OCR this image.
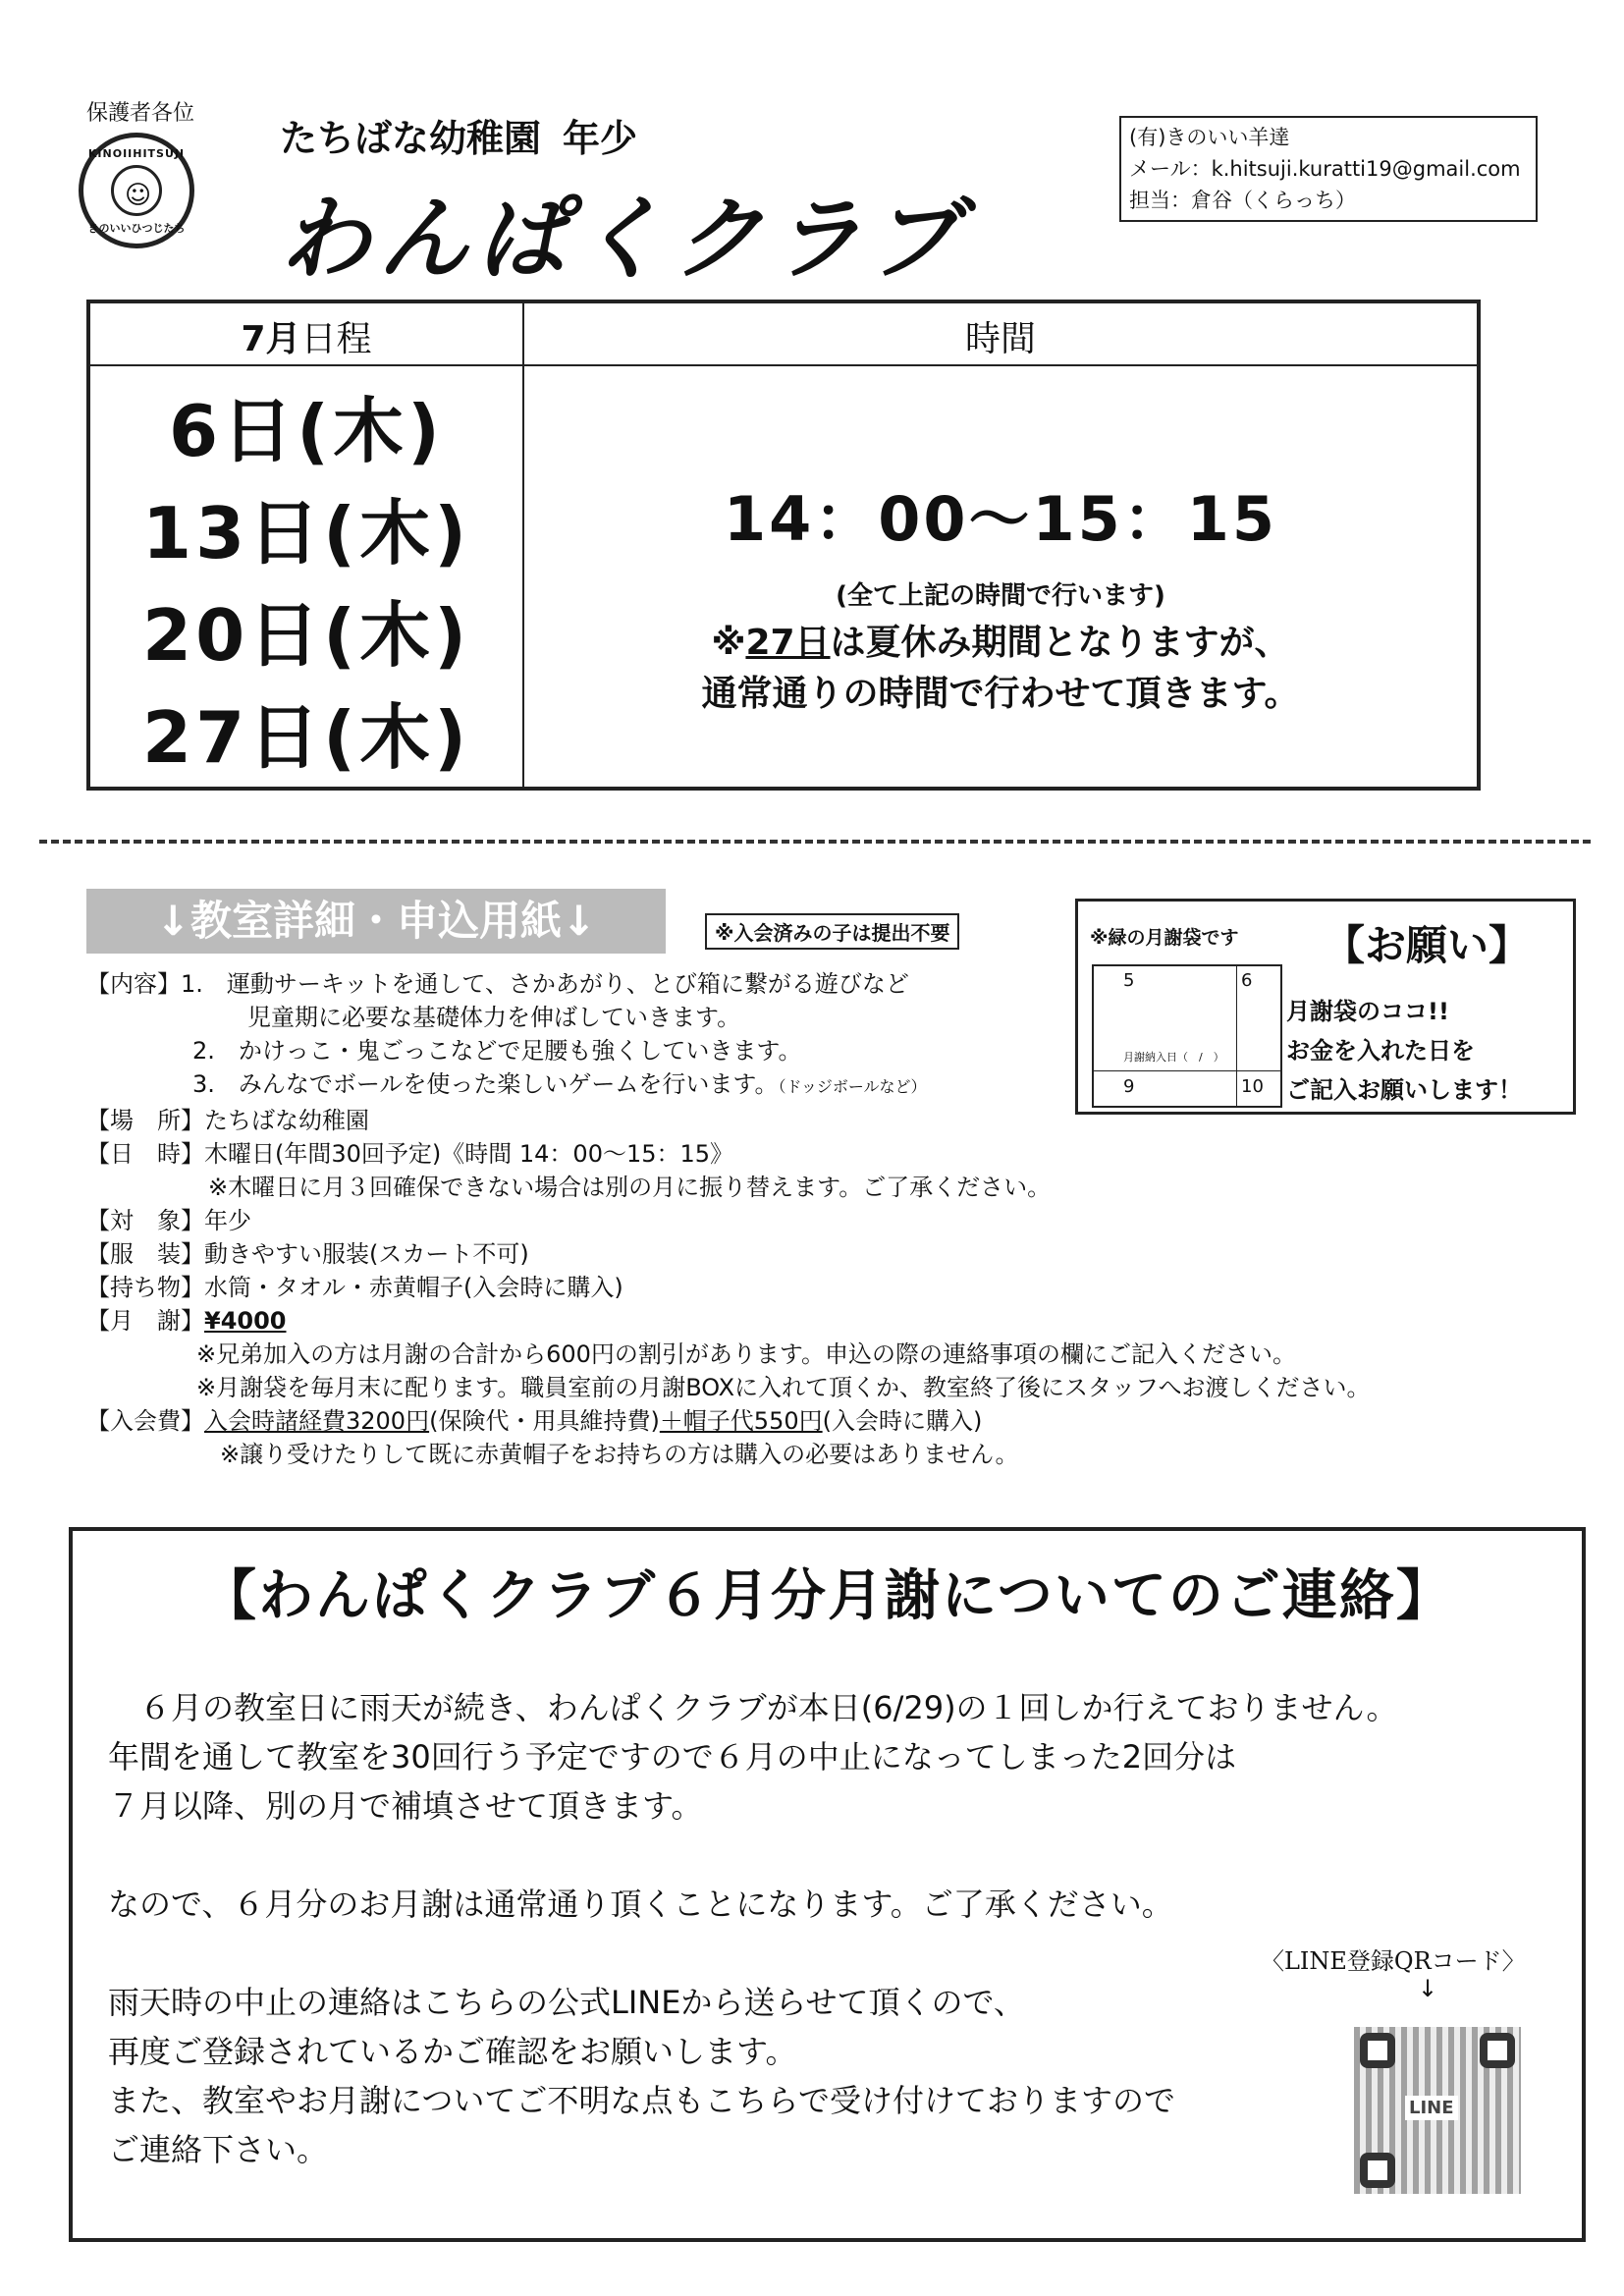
保護者各位
KINOIIHITSUJI
☺
きのいいひつじたち
たちばな幼稚園 年少
わんぱくクラブ
(有)きのいい羊達
メール：k.hitsuji.kuratti19@gmail.com
担当：倉谷（くらっち）
7月日程	時間
6日(木)
13日(木)
20日(木)
27日(木)
14：00〜15：15
(全て上記の時間で行います)
※27日は夏休み期間となりますが、
通常通りの時間で行わせて頂きます。
↓教室詳細・申込用紙↓	※入会済みの子は提出不要
【内容】1.　運動サーキットを通して、さかあがり、とび箱に繋がる遊びなど
児童期に必要な基礎体力を伸ばしていきます。
2.　かけっこ・鬼ごっこなどで足腰も強くしていきます。
3.　みんなでボールを使った楽しいゲームを行います。（ドッジボールなど）
【場　所】たちばな幼稚園
【日　時】木曜日(年間30回予定)《時間 14：00〜15：15》
※木曜日に月３回確保できない場合は別の月に振り替えます。ご了承ください。
【対　象】年少
【服　装】動きやすい服装(スカート不可)
【持ち物】水筒・タオル・赤黄帽子(入会時に購入)
【月　謝】¥4000
※兄弟加入の方は月謝の合計から600円の割引があります。申込の際の連絡事項の欄にご記入ください。
※月謝袋を毎月末に配ります。職員室前の月謝BOXに入れて頂くか、教室終了後にスタッフへお渡しください。
【入会費】入会時諸経費3200円(保険代・用具維持費)＋帽子代550円(入会時に購入)
※譲り受けたりして既に赤黄帽子をお持ちの方は購入の必要はありません。
※緑の月謝袋です 【お願い】
5	6
月謝納入日（　/　）
9	10
月謝袋のココ!!
お金を入れた日を
ご記入お願いします！
【わんぱくクラブ６月分月謝についてのご連絡】

　６月の教室日に雨天が続き、わんぱくクラブが本日(6/29)の１回しか行えておりません。

年間を通して教室を30回行う予定ですので６月の中止になってしまった2回分は

７月以降、別の月で補填させて頂きます。

なので、６月分のお月謝は通常通り頂くことになります。ご了承ください。

雨天時の中止の連絡はこちらの公式LINEから送らせて頂くので、

再度ご登録されているかご確認をお願いします。

また、教室やお月謝についてご不明な点もこちらで受け付けておりますので

ご連絡下さい。

〈LINE登録QRコード〉
↓
LINE
